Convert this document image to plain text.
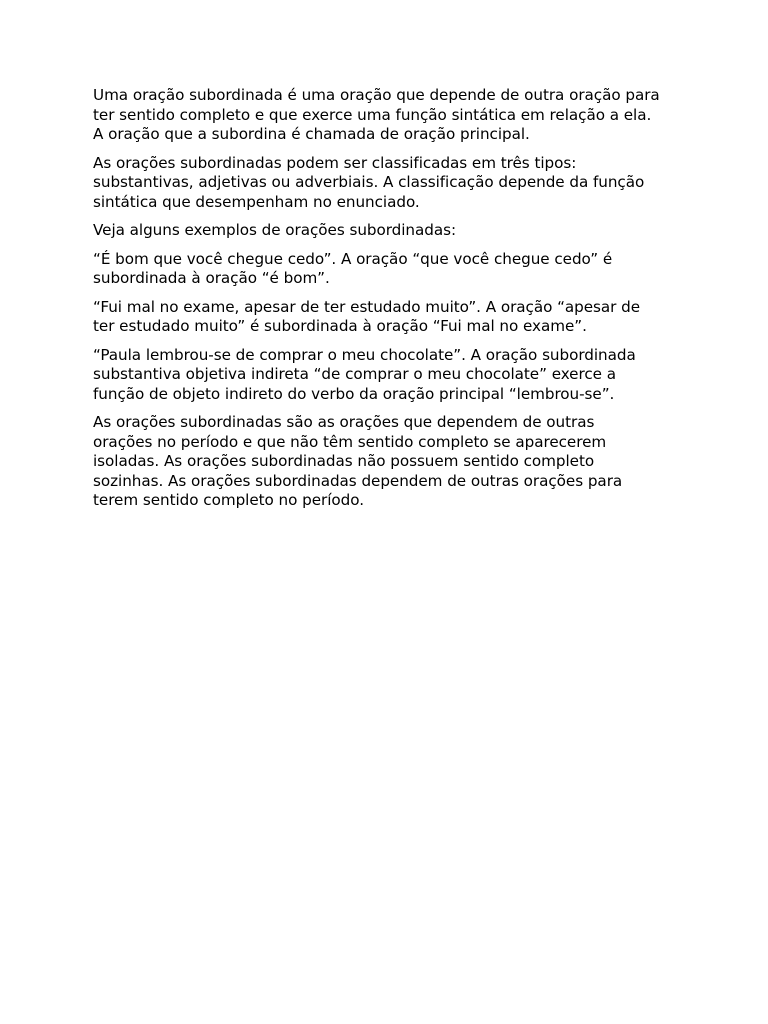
Uma oração subordinada é uma oração que depende de outra oração para
ter sentido completo e que exerce uma função sintática em relação a ela.
A oração que a subordina é chamada de oração principal.

As orações subordinadas podem ser classificadas em três tipos:
substantivas, adjetivas ou adverbiais. A classificação depende da função
sintática que desempenham no enunciado.

Veja alguns exemplos de orações subordinadas:

“É bom que você chegue cedo”. A oração “que você chegue cedo” é
subordinada à oração “é bom”.

“Fui mal no exame, apesar de ter estudado muito”. A oração “apesar de
ter estudado muito” é subordinada à oração “Fui mal no exame”.

“Paula lembrou-se de comprar o meu chocolate”. A oração subordinada
substantiva objetiva indireta “de comprar o meu chocolate” exerce a
função de objeto indireto do verbo da oração principal “lembrou-se”.

As orações subordinadas são as orações que dependem de outras
orações no período e que não têm sentido completo se aparecerem
isoladas. As orações subordinadas não possuem sentido completo
sozinhas. As orações subordinadas dependem de outras orações para
terem sentido completo no período.
